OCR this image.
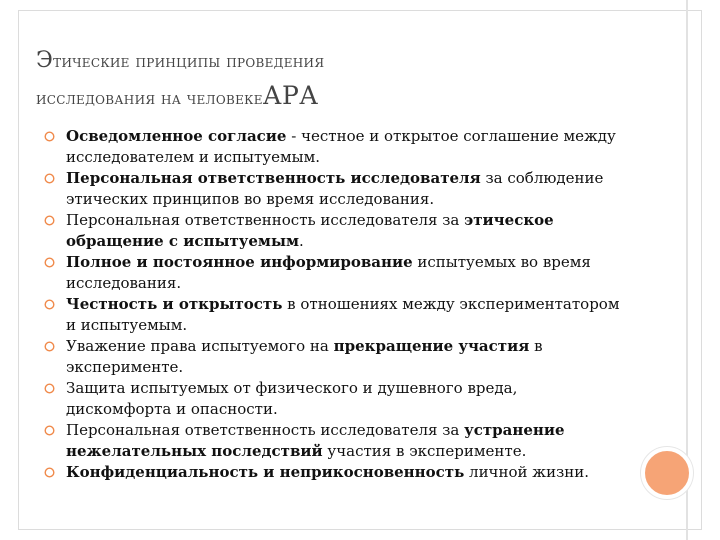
Этические принципы проведения
исследования на человекеАРА
Осведомленное согласие - честное и открытое соглашение между исследователем и испытуемым.
Персональная ответственность исследователя за соблюдение этических принципов во время исследования.
Персональная ответственность исследователя за этическое обращение с испытуемым.
Полное и постоянное информирование испытуемых во время исследования.
Честность и открытость в отношениях между экспериментатором и испытуемым.
Уважение права испытуемого на прекращение участия в эксперименте.
Защита испытуемых от физического и душевного вреда, дискомфорта и опасности.
Персональная ответственность исследователя за устранение нежелательных последствий участия в эксперименте.
Конфиденциальность и неприкосновенность личной жизни.
